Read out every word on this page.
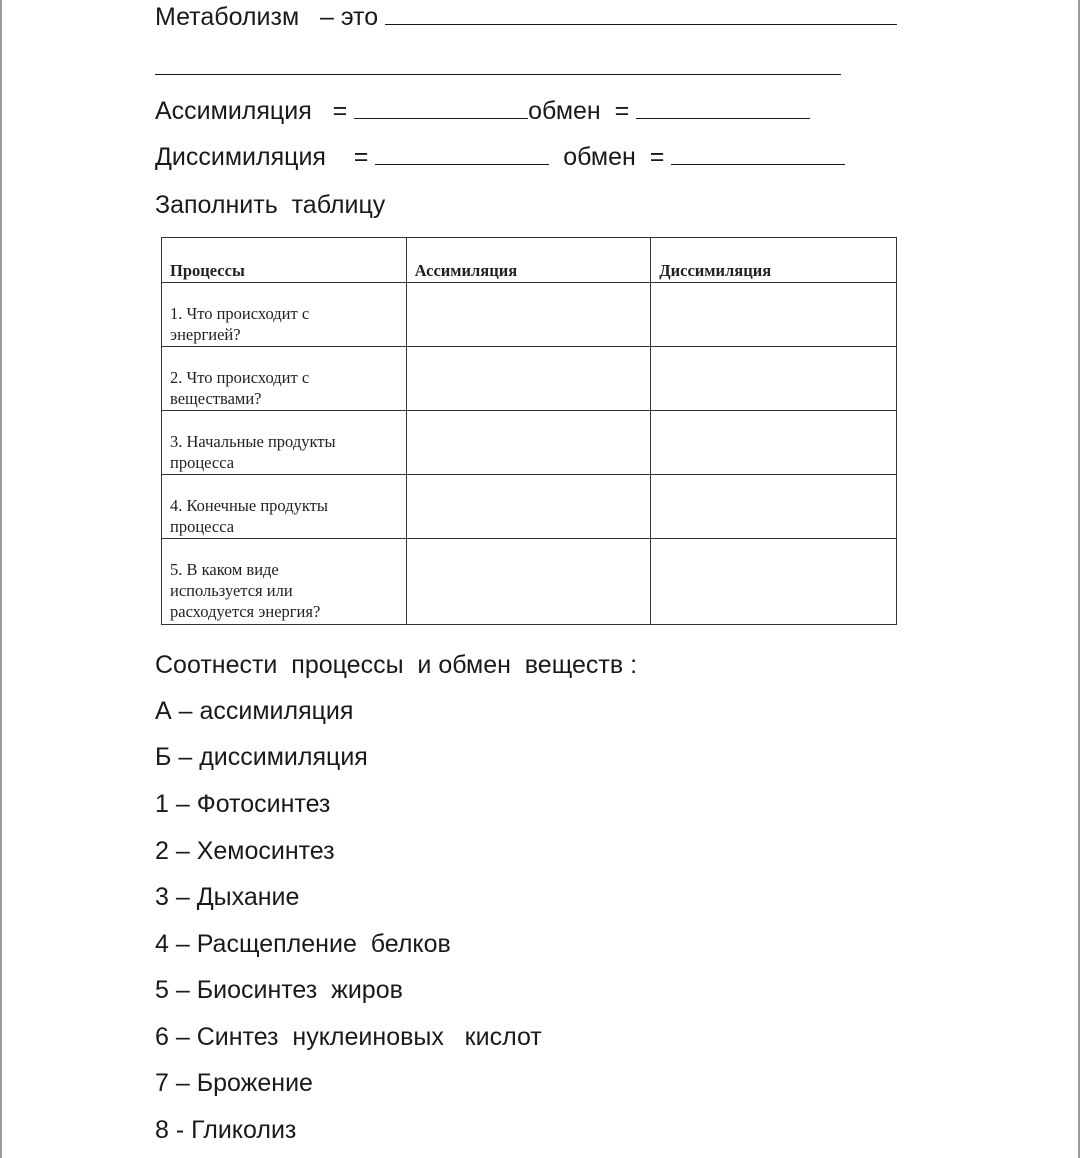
Метаболизм – это
Ассимиляция =	обмен =
Диссимиляция =	обмен =
Заполнить  таблицу
Процессы	Ассимиляция	Диссимиляция

1. Что происходит с
энергией?		

2. Что происходит с
веществами?		

3. Начальные продукты
процесса		

4. Конечные продукты
процесса		

5. В каком виде
используется или
расходуется энергия?		

Соотнести  процессы  и обмен  веществ :
А – ассимиляция
Б – диссимиляция
1 – Фотосинтез
2 – Хемосинтез
3 – Дыхание
4 – Расщепление  белков
5 – Биосинтез  жиров
6 – Синтез  нуклеиновых   кислот
7 – Брожение
8 - Гликолиз
